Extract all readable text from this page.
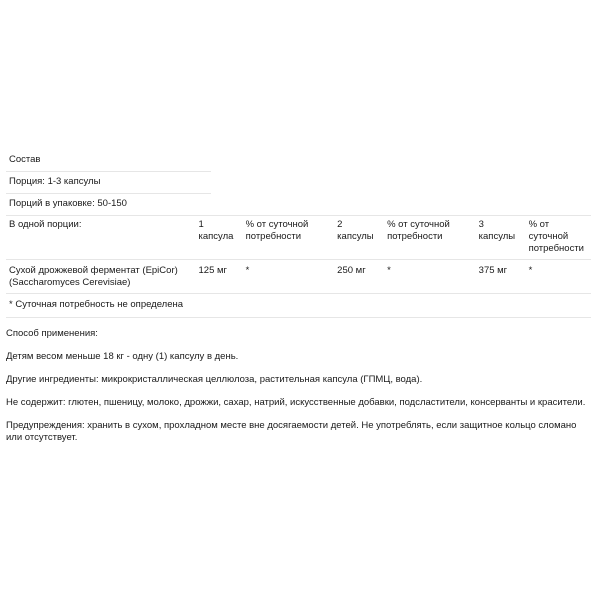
Состав
Порция: 1-3 капсулы
Порций в упаковке: 50-150
В одной порции:	1 капсула	% от суточной потребности	2 капсулы	% от суточной потребности	3 капсулы	% от суточной потребности
Сухой дрожжевой ферментат (EpiCor) (Saccharomyces Cerevisiae)	125 мг	*	250 мг	*	375 мг	*
* Суточная потребность не определена						

Способ применения:

Детям весом меньше 18 кг - одну (1) капсулу в день.

Другие ингредиенты: микрокристаллическая целлюлоза, растительная капсула (ГПМЦ, вода).

Не содержит: глютен, пшеницу, молоко, дрожжи, сахар, натрий, искусственные добавки, подсластители, консерванты и красители.

Предупреждения: хранить в сухом, прохладном месте вне досягаемости детей. Не употреблять, если защитное кольцо сломано или отсутствует.
